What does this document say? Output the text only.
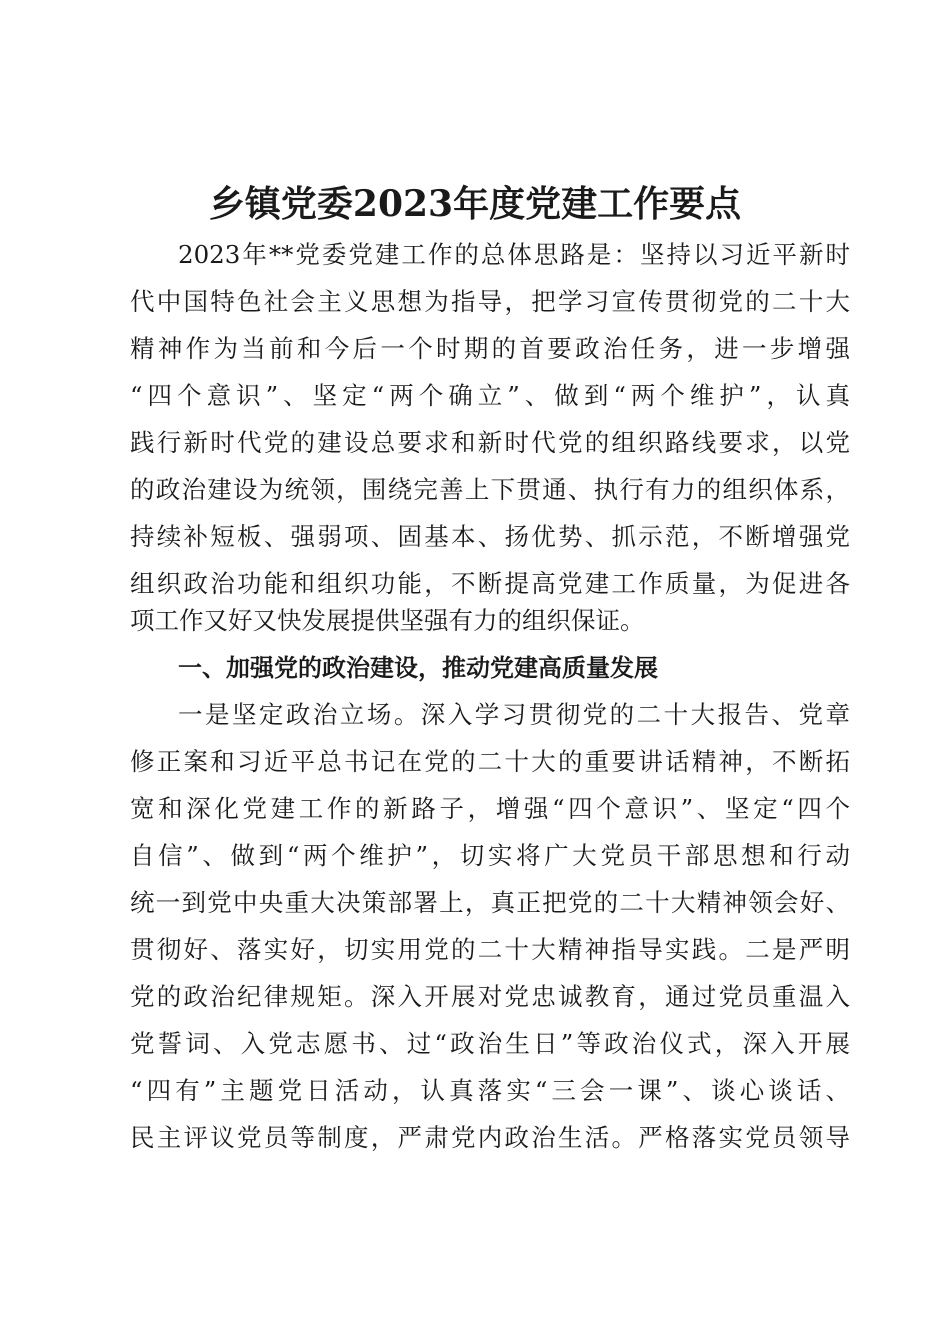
乡镇党委2023年度党建工作要点
2023年**党委党建工作的总体思路是：坚持以习近平新时
代中国特色社会主义思想为指导，把学习宣传贯彻党的二十大
精神作为当前和今后一个时期的首要政治任务，进一步增强
“四个意识”、坚定“两个确立”、做到“两个维护”，认真
践行新时代党的建设总要求和新时代党的组织路线要求，以党
的政治建设为统领，围绕完善上下贯通、执行有力的组织体系，
持续补短板、强弱项、固基本、扬优势、抓示范，不断增强党
组织政治功能和组织功能，不断提高党建工作质量，为促进各
项工作又好又快发展提供坚强有力的组织保证。
一、加强党的政治建设，推动党建高质量发展
一是坚定政治立场。深入学习贯彻党的二十大报告、党章
修正案和习近平总书记在党的二十大的重要讲话精神，不断拓
宽和深化党建工作的新路子，增强“四个意识”、坚定“四个
自信”、做到“两个维护”，切实将广大党员干部思想和行动
统一到党中央重大决策部署上，真正把党的二十大精神领会好、
贯彻好、落实好，切实用党的二十大精神指导实践。二是严明
党的政治纪律规矩。深入开展对党忠诚教育，通过党员重温入
党誓词、入党志愿书、过“政治生日”等政治仪式，深入开展
“四有”主题党日活动，认真落实“三会一课”、谈心谈话、
民主评议党员等制度，严肃党内政治生活。严格落实党员领导
